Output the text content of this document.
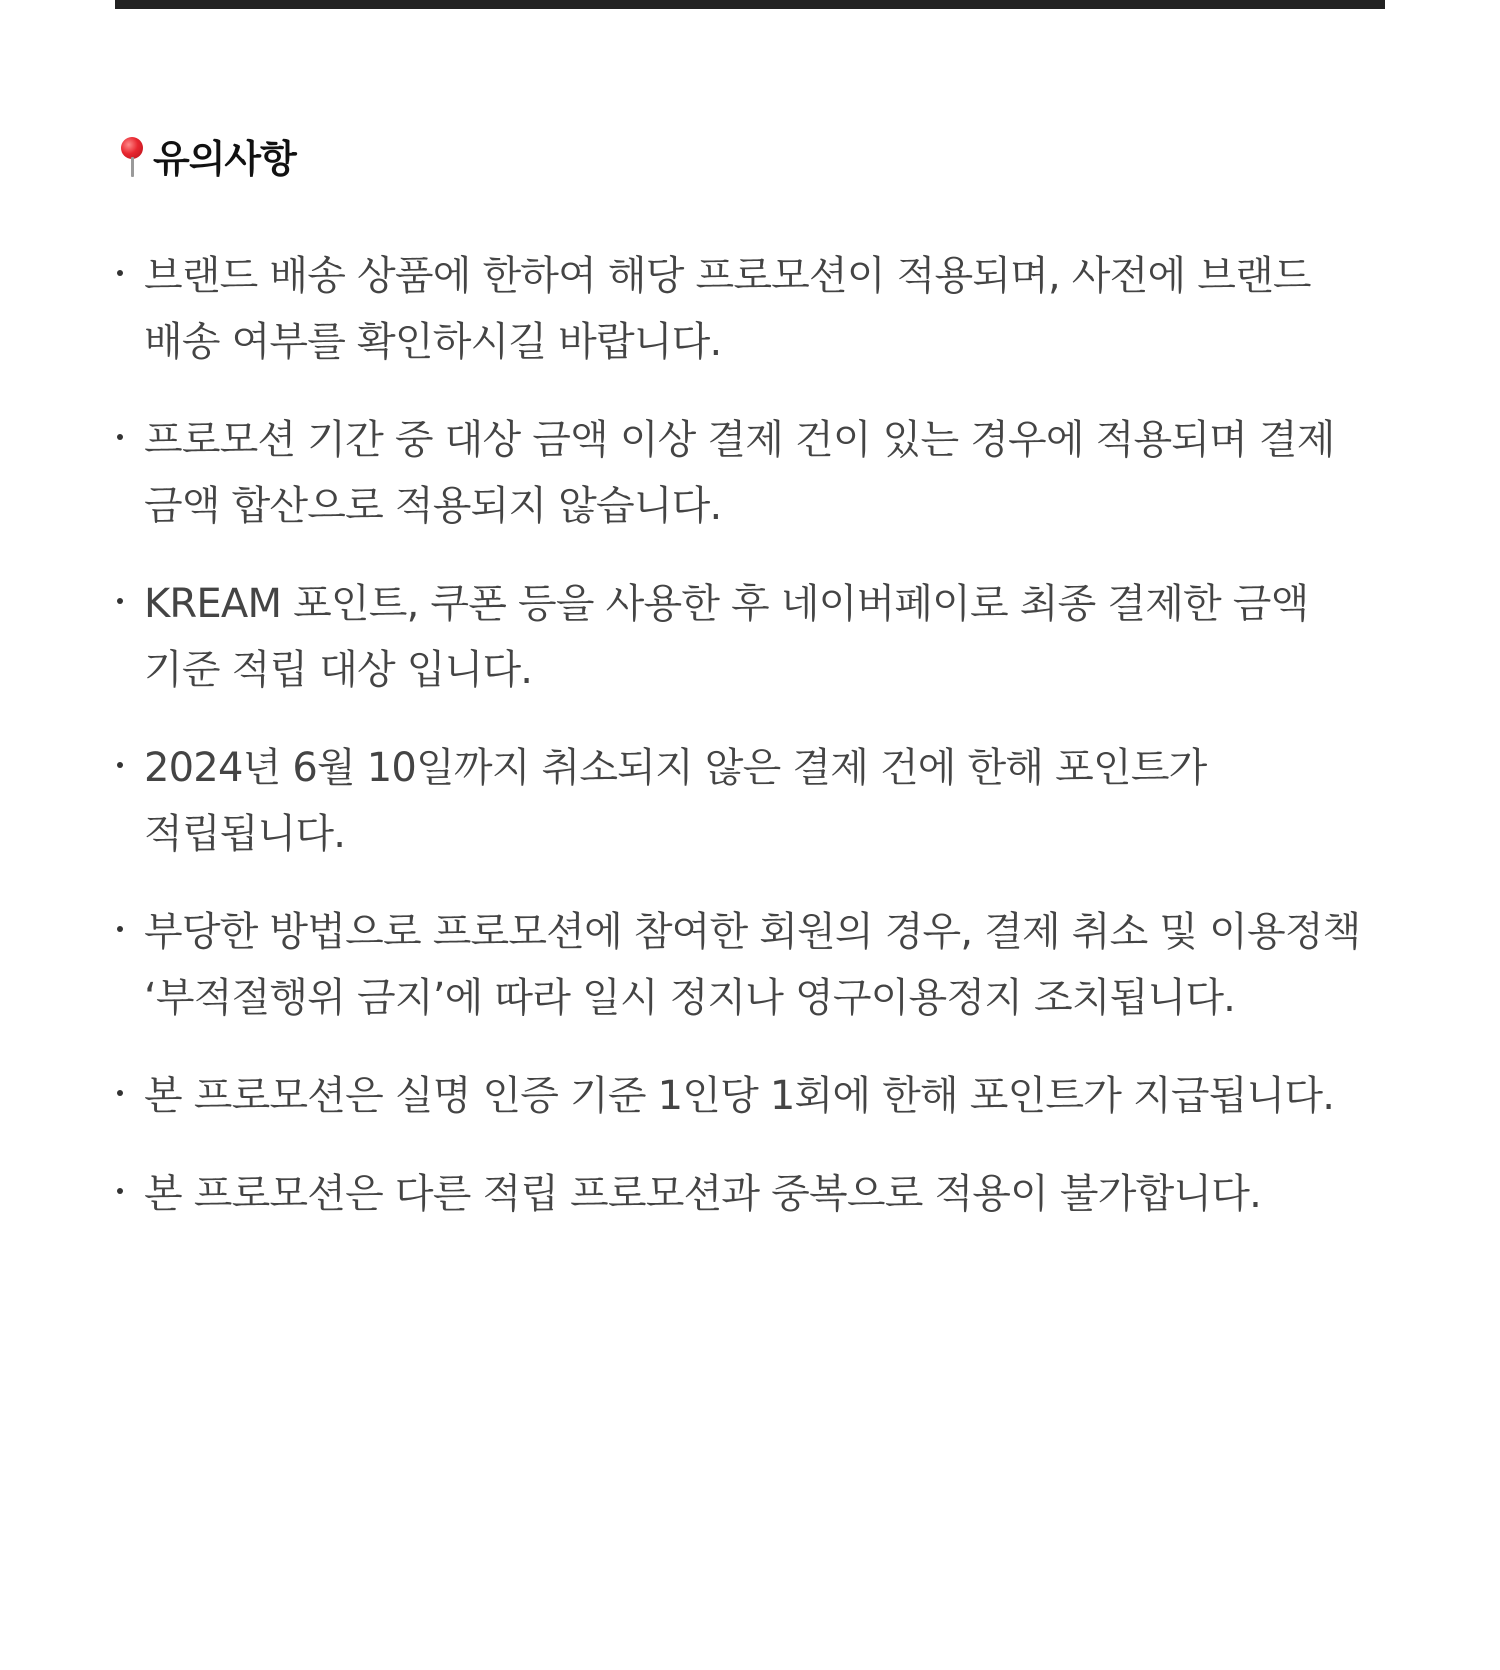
유의사항
브랜드 배송 상품에 한하여 해당 프로모션이 적용되며, 사전에 브랜드 배송 여부를 확인하시길 바랍니다.
프로모션 기간 중 대상 금액 이상 결제 건이 있는 경우에 적용되며 결제 금액 합산으로 적용되지 않습니다.
KREAM 포인트, 쿠폰 등을 사용한 후 네이버페이로 최종 결제한 금액 기준 적립 대상 입니다.
2024년 6월 10일까지 취소되지 않은 결제 건에 한해 포인트가 적립됩니다.
부당한 방법으로 프로모션에 참여한 회원의 경우, 결제 취소 및 이용정책 ‘부적절행위 금지’에 따라 일시 정지나 영구이용정지 조치됩니다.
본 프로모션은 실명 인증 기준 1인당 1회에 한해 포인트가 지급됩니다.
본 프로모션은 다른 적립 프로모션과 중복으로 적용이 불가합니다.
